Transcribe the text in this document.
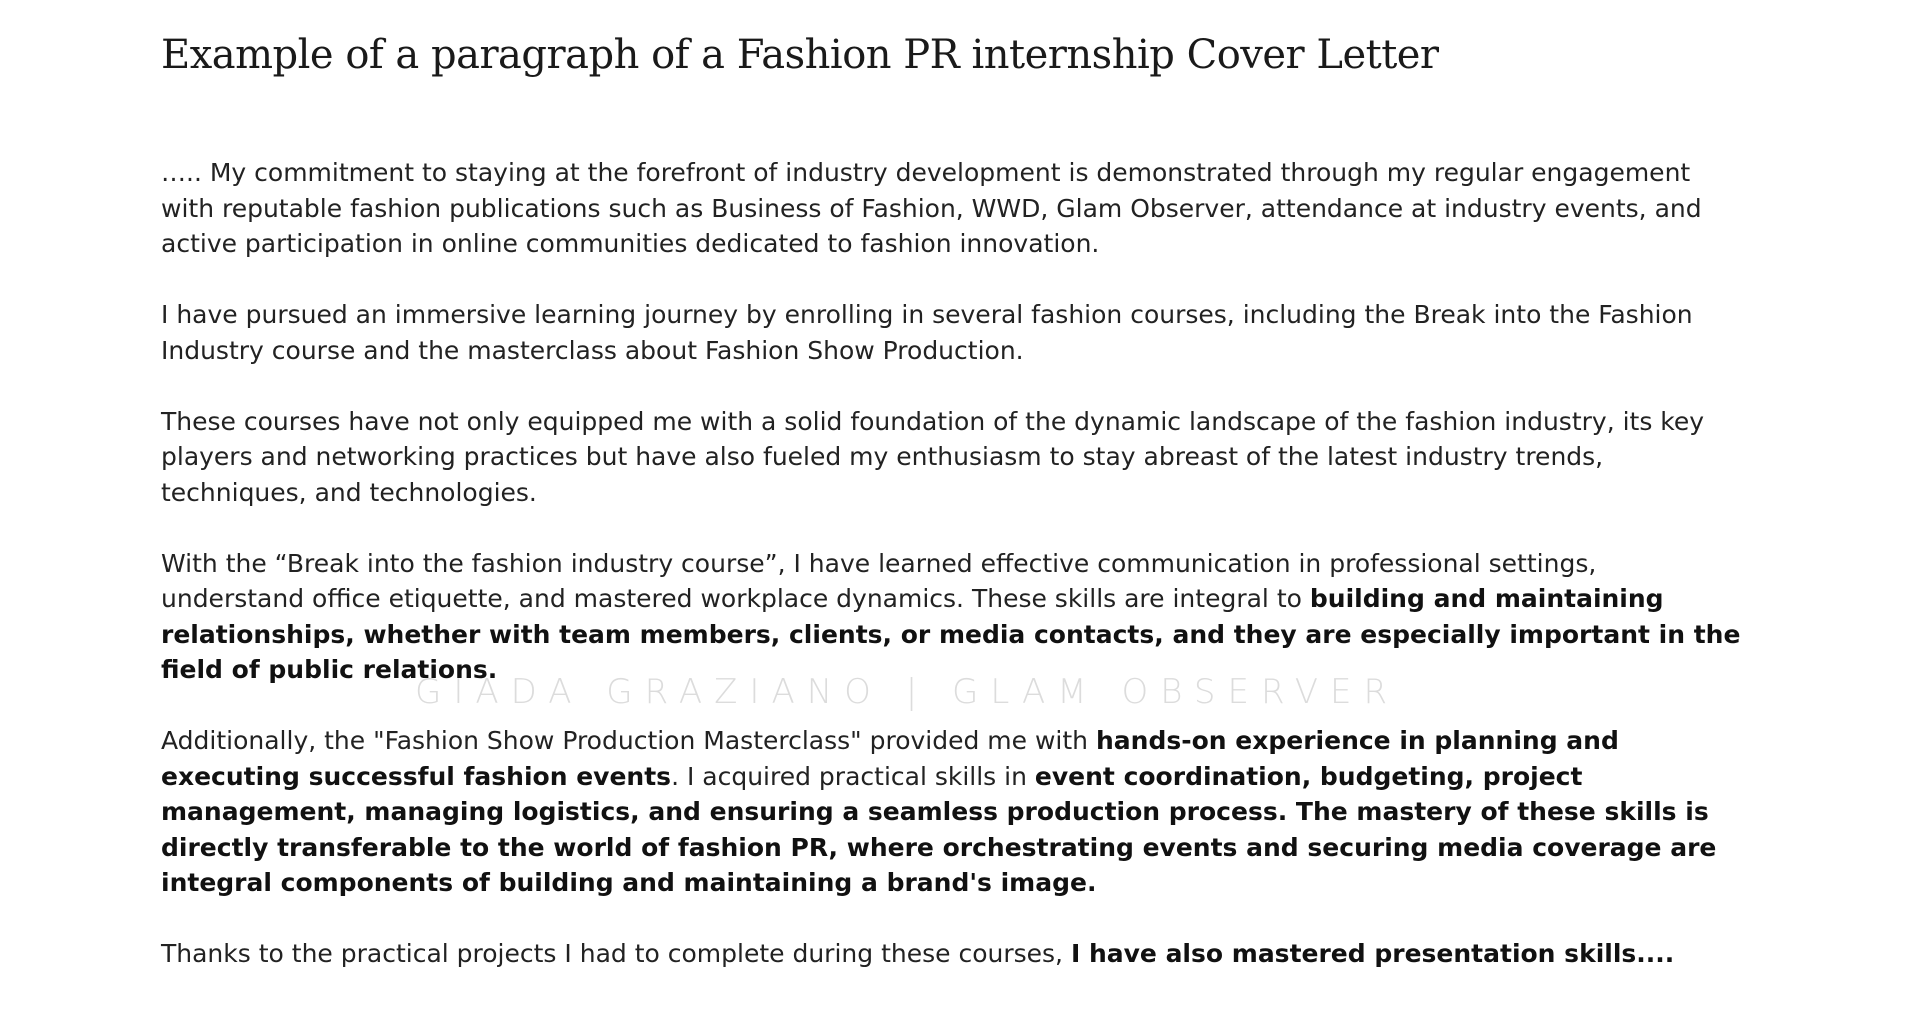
Example of a paragraph of a Fashion PR internship Cover Letter

….. My commitment to staying at the forefront of industry development is demonstrated through my regular engagement with reputable fashion publications such as Business of Fashion, WWD, Glam Observer, attendance at industry events, and active participation in online communities dedicated to fashion innovation.

I have pursued an immersive learning journey by enrolling in several fashion courses, including the Break into the Fashion Industry course and the masterclass about Fashion Show Production.

These courses have not only equipped me with a solid foundation of the dynamic landscape of the fashion industry, its key players and networking practices but have also fueled my enthusiasm to stay abreast of the latest industry trends, techniques, and technologies.

With the “Break into the fashion industry course”, I have learned effective communication in professional settings, understand office etiquette, and mastered workplace dynamics. These skills are integral to building and maintaining relationships, whether with team members, clients, or media contacts, and they are especially important in the field of public relations.

Additionally, the "Fashion Show Production Masterclass" provided me with hands-on experience in planning and executing successful fashion events. I acquired practical skills in event coordination, budgeting, project management, managing logistics, and ensuring a seamless production process. The mastery of these skills is directly transferable to the world of fashion PR, where orchestrating events and securing media coverage are integral components of building and maintaining a brand's image.

Thanks to the practical projects I had to complete during these courses, I have also mastered presentation skills....

GIADA GRAZIANO | GLAM OBSERVER
